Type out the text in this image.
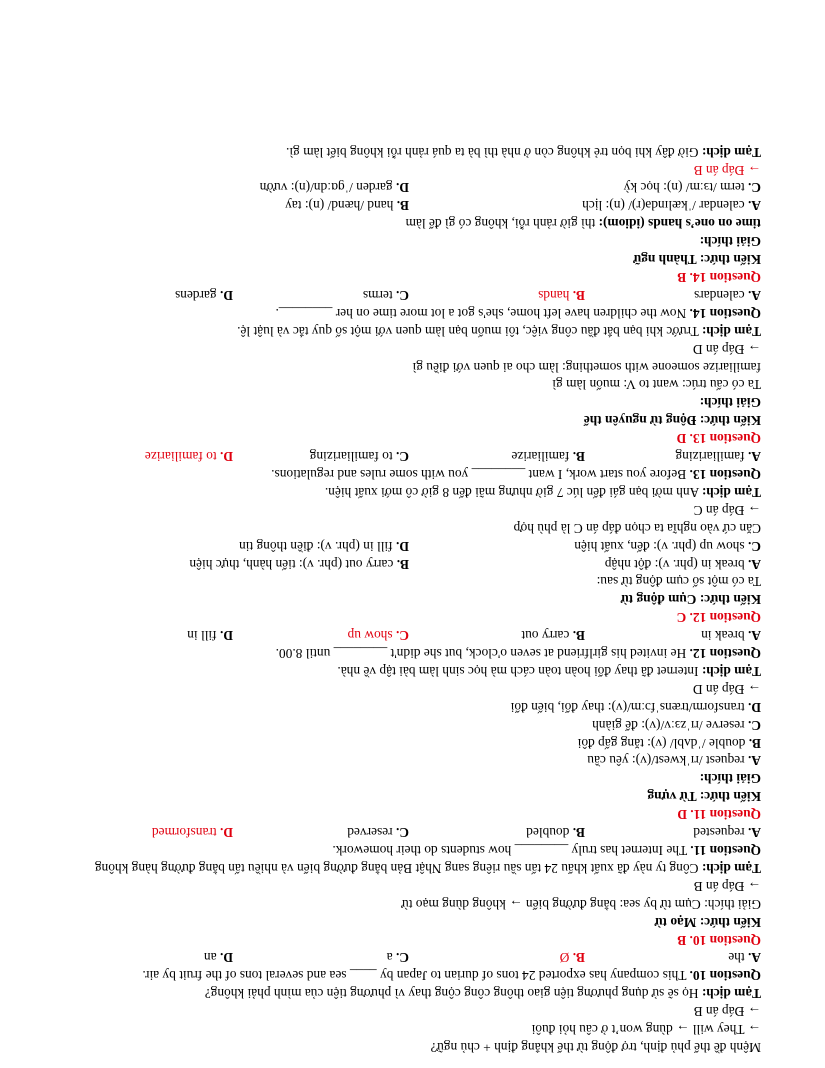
Mệnh đề thể phủ định, trợ động từ thể khẳng định + chủ ngữ?
→ They will → dùng won’t ở câu hỏi đuôi
→ Đáp án B
Tạm dịch: Họ sẽ sử dụng phương tiện giao thông công cộng thay vì phương tiện của mình phải không?
Question 10. This company has exported 24 tons of durian to Japan by ____ sea and several tons of the fruit by air.
A. the
B. Ø
C. a
D. an
Question 10. B
Kiến thức: Mạo từ
Giải thích: Cụm từ by sea: bằng đường biển → không dùng mạo từ
→ Đáp án B
Tạm dịch: Công ty này đã xuất khẩu 24 tấn sầu riêng sang Nhật Bản bằng đường biển và nhiều tấn bằng đường hàng không
Question 11. The Internet has truly ________ how students do their homework.
A. requested
B. doubled
C. reserved
D. transformed
Question 11. D
Kiến thức: Từ vựng
Giải thích:
A. request /rɪˈkwest/(v): yêu cầu
B. double /ˈdʌbl/ (v): tăng gấp đôi
C. reserve /rɪˈzɜːv/(v): để giành
D. transform/trænsˈfɔːm/(v): thay đổi, biến đổi
→ Đáp án D
Tạm dịch: Internet đã thay đổi hoàn toàn cách mà học sinh làm bài tập về nhà.
Question 12. He invited his girlfriend at seven o'clock, but she didn't ________ until 8.00.
A. break in
B. carry out
C. show up
D. fill in
Question 12. C
Kiến thức: Cụm động từ
Ta có một số cụm động từ sau:
A. break in (phr. v): đột nhập
B. carry out (phr. v): tiến hành, thực hiện
C. show up (phr. v): đến, xuất hiện
D. fill in (phr. v): điền thông tin
Căn cứ vào nghĩa ta chọn đáp án C là phù hợp
→ Đáp án C
Tạm dịch: Anh mời bạn gái đến lúc 7 giờ nhưng mãi đến 8 giờ cô mới xuất hiện.
Question 13. Before you start work, I want ________ you with some rules and regulations.
A. familiarizing
B. familiarize
C. to familiarizing
D. to familiarize
Question 13. D
Kiến thức: Động từ nguyên thể
Giải thích:
Ta có cấu trúc: want to V: muốn làm gì
familiarize someone with something: làm cho ai quen với điều gì
→ Đáp án D
Tạm dịch: Trước khi bạn bắt đầu công việc, tôi muốn bạn làm quen với một số quy tắc và luật lệ.
Question 14. Now the children have left home, she's got a lot more time on her ________.
A. calendars
B. hands
C. terms
D. gardens
Question 14. B
Kiến thức: Thành ngữ
Giải thích:
time on one’s hands (idiom): thì giờ rảnh rỗi, không có gì để làm
A. calendar /ˈkælɪndə(r)/ (n): lịch
B. hand /hænd/ (n): tay
C. term /tɜːm/ (n): học kỳ
D. garden /ˈɡɑːdn/(n): vườn
→ Đáp án B
Tạm dịch: Giờ đây khi bọn trẻ không còn ở nhà thì bà ta quá rảnh rỗi không biết làm gì.
